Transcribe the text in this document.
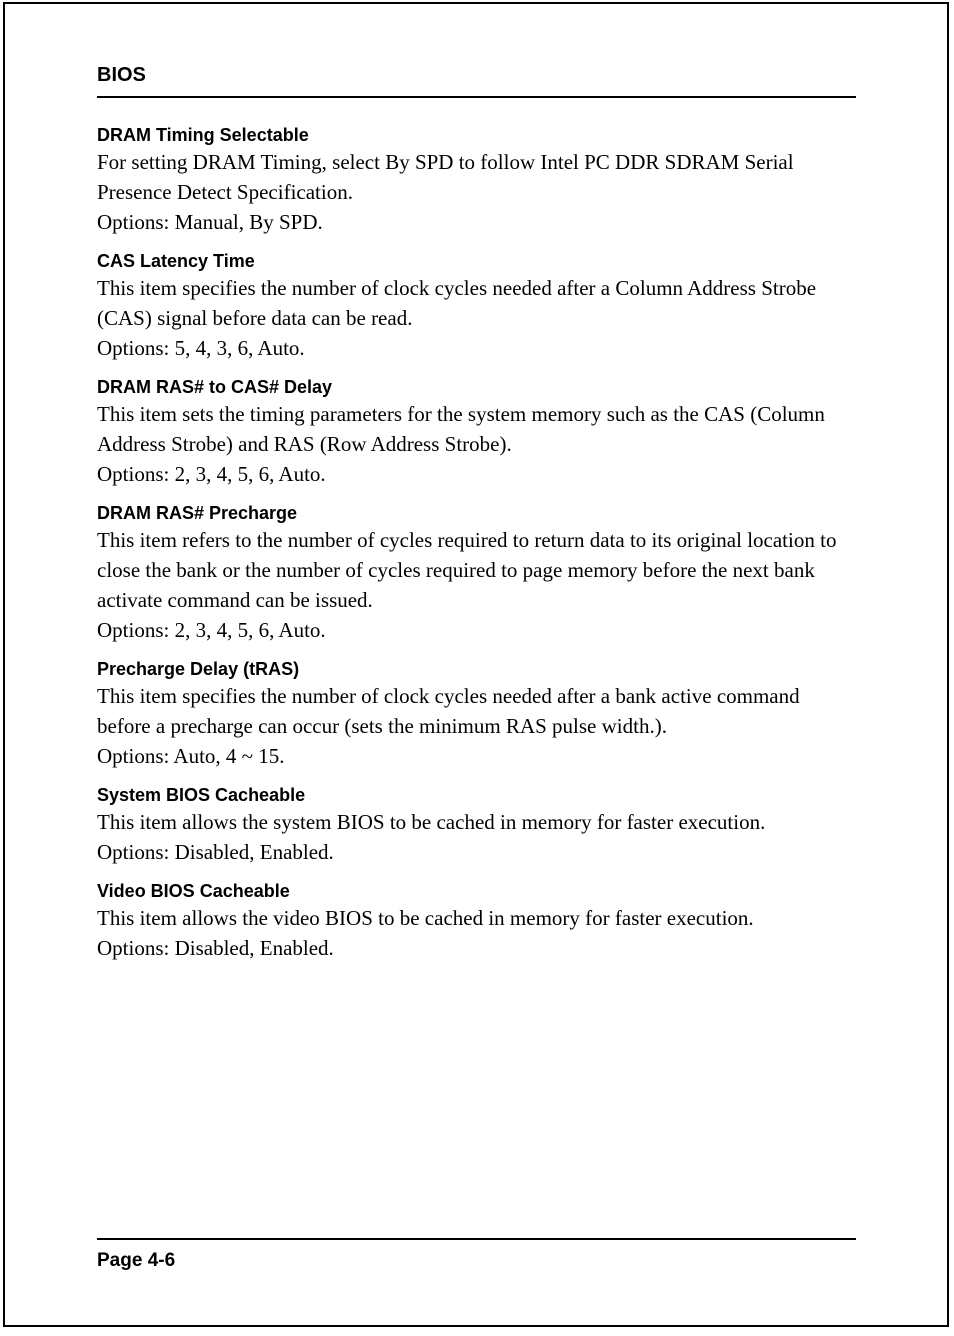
BIOS

DRAM Timing Selectable

For setting DRAM Timing, select By SPD to follow Intel PC DDR SDRAM Serial Presence Detect Specification.

Options: Manual, By SPD.

CAS Latency Time

This item specifies the number of clock cycles needed after a Column Address Strobe (CAS) signal before data can be read.

Options: 5, 4, 3, 6, Auto.

DRAM RAS# to CAS# Delay

This item sets the timing parameters for the system memory such as the CAS (Column Address Strobe) and RAS (Row Address Strobe).

Options: 2, 3, 4, 5, 6, Auto.

DRAM RAS# Precharge

This item refers to the number of cycles required to return data to its original location to close the bank or the number of cycles required to page memory before the next bank activate command can be issued.

Options: 2, 3, 4, 5, 6, Auto.

Precharge Delay (tRAS)

This item specifies the number of clock cycles needed after a bank active command before a precharge can occur (sets the minimum RAS pulse width.).

Options: Auto, 4 ~ 15.

System BIOS Cacheable

This item allows the system BIOS to be cached in memory for faster execution.

Options: Disabled, Enabled.

Video BIOS Cacheable

This item allows the video BIOS to be cached in memory for faster execution.

Options: Disabled, Enabled.

Page 4-6
